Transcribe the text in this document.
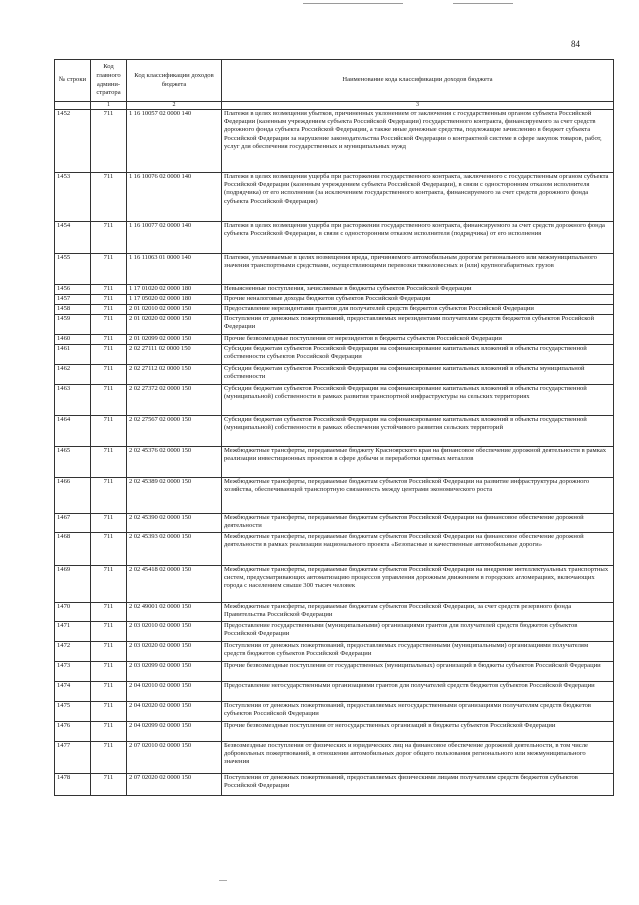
84
№ строки	Код главного админи-стратора	Код классификации доходов бюджета	Наименование кода классификации доходов бюджета
	1	2	3
1452	711	1 16 10057 02 0000 140	Платежи в целях возмещения убытков, причиненных уклонением от заключения с государственным органом субъекта Российской Федерации (казенным учреждением субъекта Российской Федерации) государственного контракта, финансируемого за счет средств дорожного фонда субъекта Российской Федерации, а также иные денежные средства, подлежащие зачислению в бюджет субъекта Российской Федерации за нарушение законодательства Российской Федерации о контрактной системе в сфере закупок товаров, работ, услуг для обеспечения государственных и муниципальных нужд
1453	711	1 16 10076 02 0000 140	Платежи в целях возмещения ущерба при расторжении государственного контракта, заключенного с государственным органом субъекта Российской Федерации (казенным учреждением субъекта Российской Федерации), в связи с односторонним отказом исполнителя (подрядчика) от его исполнения (за исключением государственного контракта, финансируемого за счет средств дорожного фонда субъекта Российской Федерации)
1454	711	1 16 10077 02 0000 140	Платежи в целях возмещения ущерба при расторжении государственного контракта, финансируемого за счет средств дорожного фонда субъекта Российской Федерации, в связи с односторонним отказом исполнителя (подрядчика) от его исполнения
1455	711	1 16 11063 01 0000 140	Платежи, уплачиваемые в целях возмещения вреда, причиняемого автомобильным дорогам регионального или межмуниципального значения транспортными средствами, осуществляющими перевозки тяжеловесных и (или) крупногабаритных грузов
1456	711	1 17 01020 02 0000 180	Невыясненные поступления, зачисляемые в бюджеты субъектов Российской Федерации
1457	711	1 17 05020 02 0000 180	Прочие неналоговые доходы бюджетов субъектов Российской Федерации
1458	711	2 01 02010 02 0000 150	Предоставление нерезидентами грантов для получателей средств бюджетов субъектов Российской Федерации
1459	711	2 01 02020 02 0000 150	Поступления от денежных пожертвований, предоставляемых нерезидентами получателям средств бюджетов субъектов Российской Федерации
1460	711	2 01 02099 02 0000 150	Прочие безвозмездные поступления от нерезидентов в бюджеты субъектов Российской Федерации
1461	711	2 02 27111 02 0000 150	Субсидии бюджетам субъектов Российской Федерации на софинансирование капитальных вложений в объекты государственной собственности субъектов Российской Федерации
1462	711	2 02 27112 02 0000 150	Субсидии бюджетам субъектов Российской Федерации на софинансирование капитальных вложений в объекты муниципальной собственности
1463	711	2 02 27372 02 0000 150	Субсидии бюджетам субъектов Российской Федерации на софинансирование капитальных вложений в объекты государственной (муниципальной) собственности в рамках развития транспортной инфраструктуры на сельских территориях
1464	711	2 02 27567 02 0000 150	Субсидии бюджетам субъектов Российской Федерации на софинансирование капитальных вложений в объекты государственной (муниципальной) собственности в рамках обеспечения устойчивого развития сельских территорий
1465	711	2 02 45376 02 0000 150	Межбюджетные трансферты, передаваемые бюджету Красноярского края на финансовое обеспечение дорожной деятельности в рамках реализации инвестиционных проектов в сфере добычи и переработки цветных металлов
1466	711	2 02 45389 02 0000 150	Межбюджетные трансферты, передаваемые бюджетам субъектов Российской Федерации на развитие инфраструктуры дорожного хозяйства, обеспечивающей транспортную связанность между центрами экономического роста
1467	711	2 02 45390 02 0000 150	Межбюджетные трансферты, передаваемые бюджетам субъектов Российской Федерации на финансовое обеспечение дорожной деятельности
1468	711	2 02 45393 02 0000 150	Межбюджетные трансферты, передаваемые бюджетам субъектов Российской Федерации на финансовое обеспечение дорожной деятельности в рамках реализации национального проекта «Безопасные и качественные автомобильные дороги»
1469	711	2 02 45418 02 0000 150	Межбюджетные трансферты, передаваемые бюджетам субъектов Российской Федерации на внедрение интеллектуальных транспортных систем, предусматривающих автоматизацию процессов управления дорожным движением в городских агломерациях, включающих города с населением свыше 300 тысяч человек
1470	711	2 02 49001 02 0000 150	Межбюджетные трансферты, передаваемые бюджетам субъектов Российской Федерации, за счет средств резервного фонда Правительства Российской Федерации
1471	711	2 03 02010 02 0000 150	Предоставление государственными (муниципальными) организациями грантов для получателей средств бюджетов субъектов Российской Федерации
1472	711	2 03 02020 02 0000 150	Поступления от денежных пожертвований, предоставляемых государственными (муниципальными) организациями получателям средств бюджетов субъектов Российской Федерации
1473	711	2 03 02099 02 0000 150	Прочие безвозмездные поступления от государственных (муниципальных) организаций в бюджеты субъектов Российской Федерации
1474	711	2 04 02010 02 0000 150	Предоставление негосударственными организациями грантов для получателей средств бюджетов субъектов Российской Федерации
1475	711	2 04 02020 02 0000 150	Поступления от денежных пожертвований, предоставляемых негосударственными организациями получателям средств бюджетов субъектов Российской Федерации
1476	711	2 04 02099 02 0000 150	Прочие безвозмездные поступления от негосударственных организаций в бюджеты субъектов Российской Федерации
1477	711	2 07 02010 02 0000 150	Безвозмездные поступления от физических и юридических лиц на финансовое обеспечение дорожной деятельности, в том числе добровольных пожертвований, в отношении автомобильных дорог общего пользования регионального или межмуниципального значения
1478	711	2 07 02020 02 0000 150	Поступления от денежных пожертвований, предоставляемых физическими лицами получателям средств бюджетов субъектов Российской Федерации
